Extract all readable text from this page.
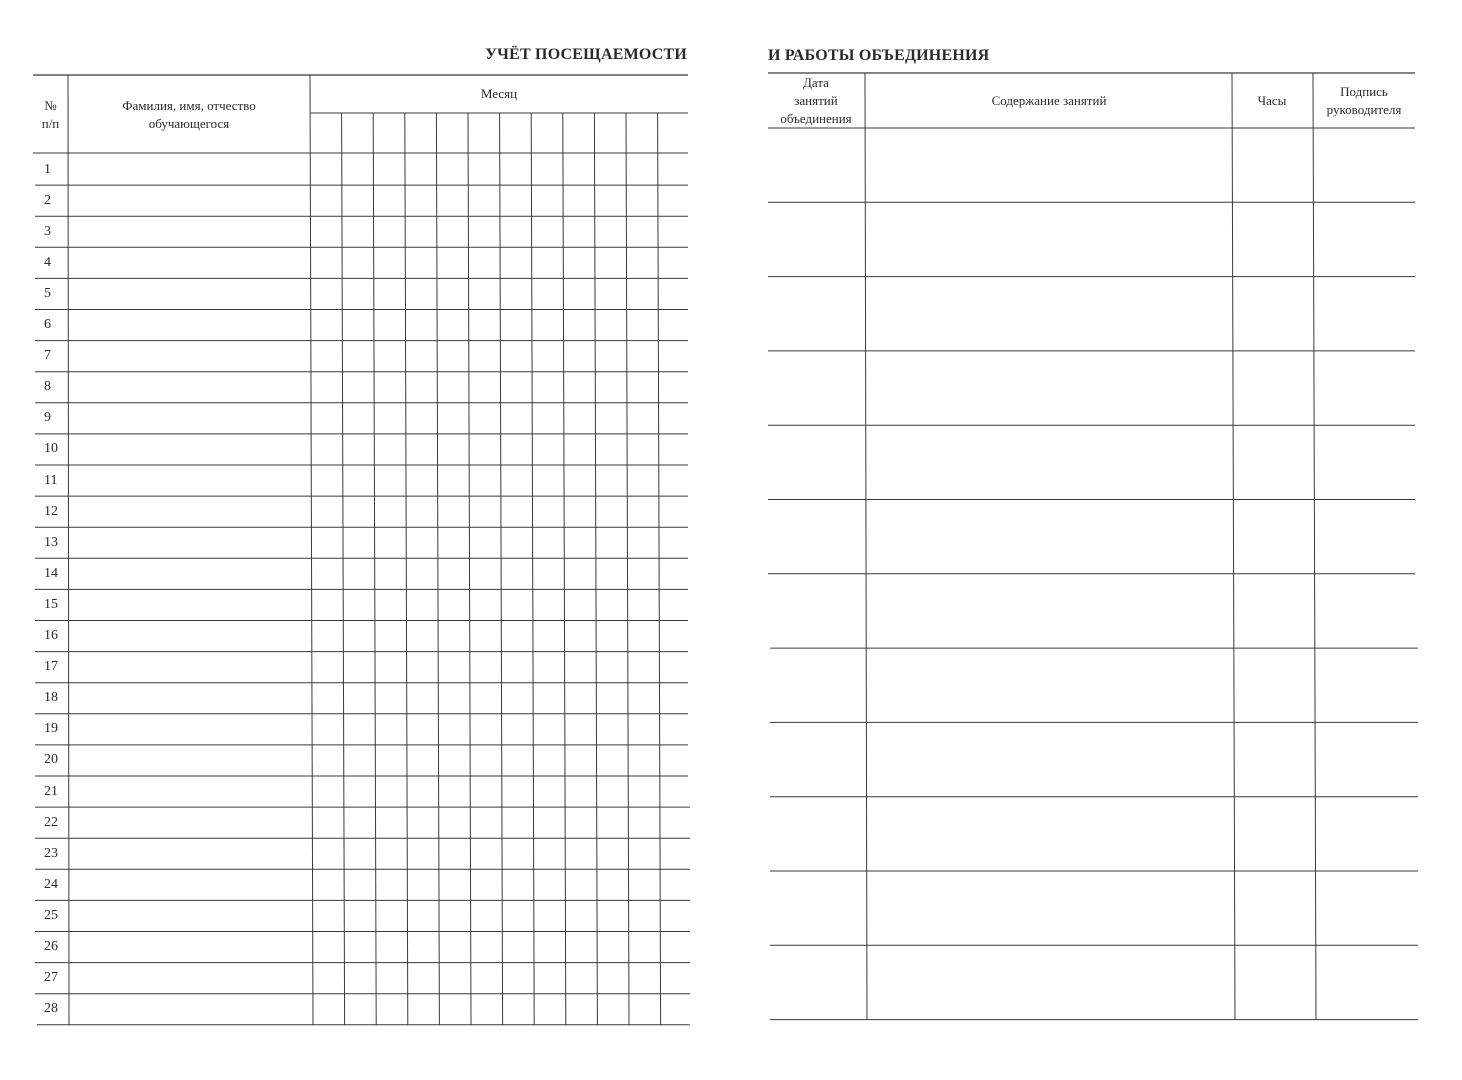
УЧЁТ ПОСЕЩАЕМОСТИ	И РАБОТЫ ОБЪЕДИНЕНИЯ
№
п/п
Фамилия, имя, отчество
обучающегося
Месяц
1
2
3
4
5
6
7
8
9
10
11
12
13
14
15
16
17
18
19
20
21
22
23
24
25
26
27
28
Дата
занятий
объединения
Содержание занятий	Часы
Подпись
руководителя
